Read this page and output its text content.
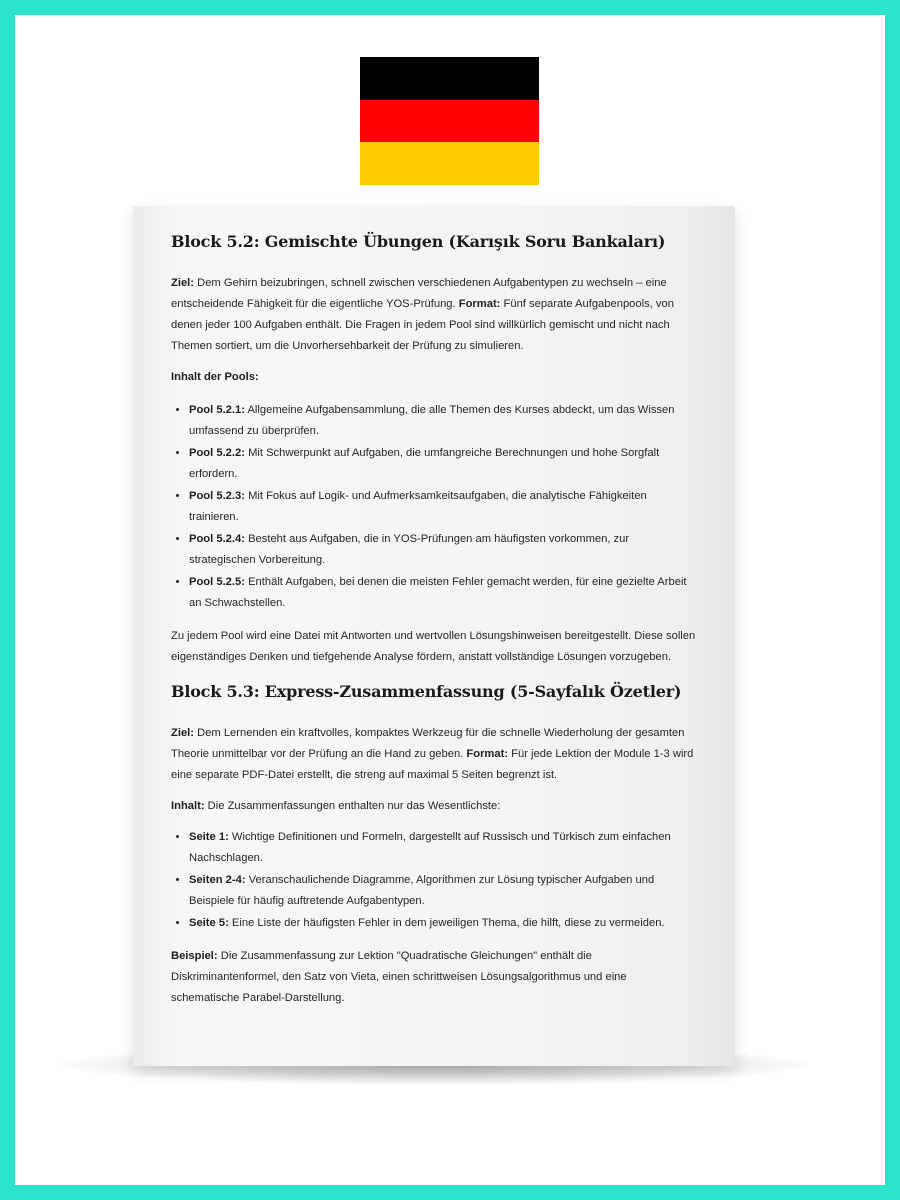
Block 5.2: Gemischte Übungen (Karışık Soru Bankaları)

Ziel: Dem Gehirn beizubringen, schnell zwischen verschiedenen Aufgabentypen zu wechseln – eine entscheidende Fähigkeit für die eigentliche YOS-Prüfung. Format: Fünf separate Aufgabenpools, von denen jeder 100 Aufgaben enthält. Die Fragen in jedem Pool sind willkürlich gemischt und nicht nach Themen sortiert, um die Unvorhersehbarkeit der Prüfung zu simulieren.

Inhalt der Pools:

• Pool 5.2.1: Allgemeine Aufgabensammlung, die alle Themen des Kurses abdeckt, um das Wissen umfassend zu überprüfen.
• Pool 5.2.2: Mit Schwerpunkt auf Aufgaben, die umfangreiche Berechnungen und hohe Sorgfalt erfordern.
• Pool 5.2.3: Mit Fokus auf Logik- und Aufmerksamkeitsaufgaben, die analytische Fähigkeiten trainieren.
• Pool 5.2.4: Besteht aus Aufgaben, die in YOS-Prüfungen am häufigsten vorkommen, zur strategischen Vorbereitung.
• Pool 5.2.5: Enthält Aufgaben, bei denen die meisten Fehler gemacht werden, für eine gezielte Arbeit an Schwachstellen.

Zu jedem Pool wird eine Datei mit Antworten und wertvollen Lösungshinweisen bereitgestellt. Diese sollen eigenständiges Denken und tiefgehende Analyse fördern, anstatt vollständige Lösungen vorzugeben.

Block 5.3: Express-Zusammenfassung (5-Sayfalık Özetler)

Ziel: Dem Lernenden ein kraftvolles, kompaktes Werkzeug für die schnelle Wiederholung der gesamten Theorie unmittelbar vor der Prüfung an die Hand zu geben. Format: Für jede Lektion der Module 1-3 wird eine separate PDF-Datei erstellt, die streng auf maximal 5 Seiten begrenzt ist.

Inhalt: Die Zusammenfassungen enthalten nur das Wesentlichste:

• Seite 1: Wichtige Definitionen und Formeln, dargestellt auf Russisch und Türkisch zum einfachen Nachschlagen.
• Seiten 2-4: Veranschaulichende Diagramme, Algorithmen zur Lösung typischer Aufgaben und Beispiele für häufig auftretende Aufgabentypen.
• Seite 5: Eine Liste der häufigsten Fehler in dem jeweiligen Thema, die hilft, diese zu vermeiden.

Beispiel: Die Zusammenfassung zur Lektion "Quadratische Gleichungen" enthält die Diskriminantenformel, den Satz von Vieta, einen schrittweisen Lösungsalgorithmus und eine schematische Parabel-Darstellung.
